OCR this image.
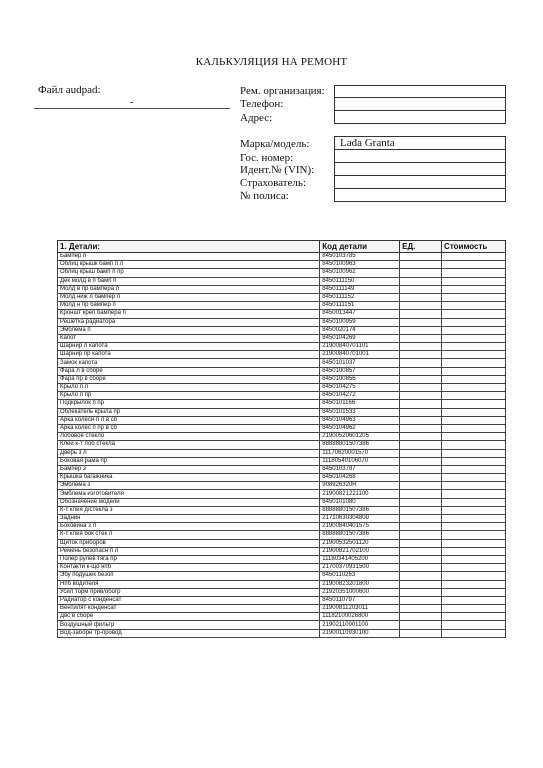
КАЛЬКУЛЯЦИЯ НА РЕМОНТ
Файл audpad:
-
Рем. организация:
Телефон:
Адрес:
Марка/модель:	Lada Granta
Гос. номер:
Идент.№ (VIN):
Страхователь:
№ полиса:
1. Детали:	Код детали	ЕД.	Стоимость
Бампер п	8450103785		
Облиц крышк бамп п л	8450100963		
Облиц крыш бамп п пр	8450100962		
Дек молд в п бамп п	8450111150		
Молд в пр бампера п	8450111149		
Молд ниж л бампер п	8450111152		
Молд н пр бампер п	8450111151		
Кроншт креп бампера п	8450013447		
Решётка радиатора	8450100959		
Эмблема п	8450020174		
Капот	8450104269		
Шарнир л капота	21900840701101		
Шарнир пр капота	21900840701001		
Замок капота	8450101037		
Фара л в сборе	8450100857		
Фара пр в сборе	8450100856		
Крыло п л	8450104275		
Крыло п пр	8450104272		
Подкрылок п пр	8450101166		
Облекатель крыла пр	8450101533		
Арка колесн п л в сб	8450104963		
Арка колес п пр в сб	8450104962		
Лобовое стекло	21900520601205		
Клей к-т лоб стекла	88888801507386		
Дверь з л	11170620001570		
Боковая рама пр	11180540106070		
Бампер з	8450103787		
Крышка багажника	8450104268		
Эмблема з	908926320R		
Эмблема изготовителя	21900821221100		
Обозначение модели	8450101080		
К-т клея д/стекла з	88888801507386		
Заднин	21710630304800		
Боковина з л	21900840401575		
К-т клея бок стек л	88888801507386		
Щиток приборов	21900532501120		
Ремень безопасн п л	21900821702100		
Полер рулев тяга пр	11180341405200		
Контакти к-що нпб	21700370931500		
Эбу подушек безоп	8450110263		
Нпб водителя	21900823201800		
Усил торм прив/обогр	21920351000600		
Радиатор с конденсат	8450110797		
Вентилят конденсат	21900811203011		
Двс в сборе	11182100026800		
Воздушный фильтр	21902110901100		
Вод-заборн тр-провод	21900110930100		
